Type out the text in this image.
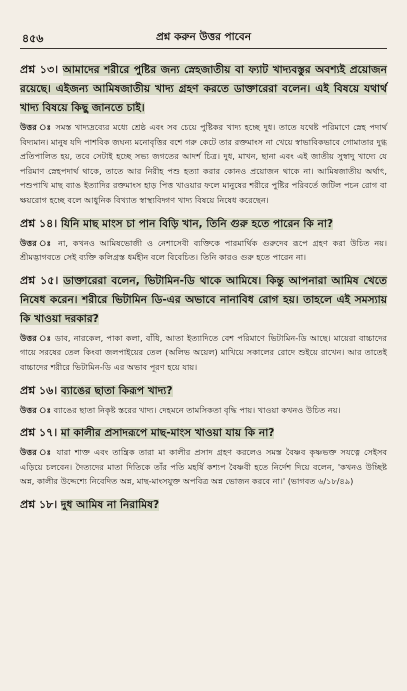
৪৫৬	প্রশ্ন করুন উত্তর পাবেন

প্রশ্ন ১৩। আমাদের শরীরে পুষ্টির জন্য স্নেহজাতীয় বা ফ্যাট খাদ্যবস্তুর অবশ্যই প্রয়োজন রয়েছে। এইজন্য আমিষজাতীয় খাদ্য গ্রহণ করতে ডাক্তারেরা বলেন। এই বিষয়ে যথার্থ খাদ্য বিষয়ে কিছু জানতে চাই।

উত্তর ঃ সমস্ত খাদ্যদ্রব্যের মধ্যে শ্রেষ্ঠ এবং সব চেয়ে পুষ্টিকর খাদ্য হচ্ছে দুধ। তাতে যথেষ্ট পরিমাণে স্নেহ পদার্থ বিদ্যমান। মানুষ যদি পাশবিক জঘন্য মনোবৃত্তির বশে গরু কেটে তার রক্তমাংস না খেয়ে স্বাভাবিকভাবে গোমাতার দুগ্ধ প্রতিপালিত হয়, তবে সেটাই হচ্ছে সভ্য জগতের আদর্শ চিত্র। দুধ, মাখন, ছানা এবং এই জাতীয় সুস্বাদু খাদ্যে যে পরিমাণ স্নেহপদার্থ থাকে, তাতে আর নিরীহ পশু হত্যা করার কোনও প্রয়োজন থাকে না। আমিষজাতীয় অর্থাৎ, পশুপাখি মাছ ব্যাঙ ইত্যাদির রক্তমাংস হাড় পিত্ত খাওয়ার ফলে মানুষের শরীরে পুষ্টির পরিবর্তে জটিল পচন রোগ বা ক্ষয়রোগ হচ্ছে বলে আধুনিক বিখ্যাত স্বাস্থ্যবিদ্গণ খাদ্য বিষয়ে নিষেধ করেছেন।

প্রশ্ন ১৪। যিনি মাছ মাংস চা পান বিড়ি খান, তিনি গুরু হতে পারেন কি না?

উত্তর ঃ না, কখনও আমিষভোজী ও নেশাসেবী ব্যক্তিকে পারমার্থিক গুরুদেব রূপে গ্রহণ করা উচিত নয়। শ্রীমদ্ভাগবতে সেই ব্যক্তি কলিগ্রস্ত ধর্মহীন বলে বিবেচিত। তিনি কারও গুরু হতে পারেন না।

প্রশ্ন ১৫। ডাক্তারেরা বলেন, ভিটামিন-ডি থাকে আমিষে। কিন্তু আপনারা আমিষ খেতে নিষেধ করেন। শরীরে ভিটামিন ডি-এর অভাবে নানাবিধ রোগ হয়। তাহলে এই সমস্যায় কি খাওয়া দরকার?

উত্তর ঃ ডাব, নারকেল, পাকা কলা, বাঁধি, আতা ইত্যাদিতে বেশ পরিমাণে ভিটামিন-ডি আছে। মায়েরা বাচ্চাদের গায়ে সরষের তেল কিংবা জলপাইয়ের তেল (অলিভ অয়েল) মাখিয়ে সকালের রোদে শুইয়ে রাখেন। আর তাতেই বাচ্চাদের শরীরে ভিটামিন-ডি এর অভাব পূরণ হয়ে যায়।

প্রশ্ন ১৬। ব্যাঙের ছাতা কিরূপ খাদ্য?

উত্তর ঃ ব্যাঙের ছাতা নিকৃষ্ট স্তরের খাদ্য। দেহমনে তামসিকতা বৃদ্ধি পায়। খাওয়া কখনও উচিত নয়।

প্রশ্ন ১৭। মা কালীর প্রসাদরূপে মাছ-মাংস খাওয়া যায় কি না?

উত্তর ঃ যারা শাক্ত এবং তান্ত্রিক তারা মা কালীর প্রসাদ গ্রহণ করলেও সমস্ত বৈষ্ণব কৃষ্ণভক্ত সযত্নে সেইসব এড়িয়ে চলবেন। দৈত্যদের মাতা দিতিকে তাঁর পতি মহর্ষি কশ্যপ বৈষ্ণবী হতে নির্দেশ দিয়ে বলেন, 'কখনও উচ্ছিষ্ট অন্ন, কালীর উদ্দেশ্যে নিবেদিত অন্ন, মাছ-মাংসযুক্ত অপবিত্র অন্ন ভোজন করবে না।' (ভাগবত ৬/১৮/৪৯)

প্রশ্ন ১৮। দুধ আমিষ না নিরামিষ?
